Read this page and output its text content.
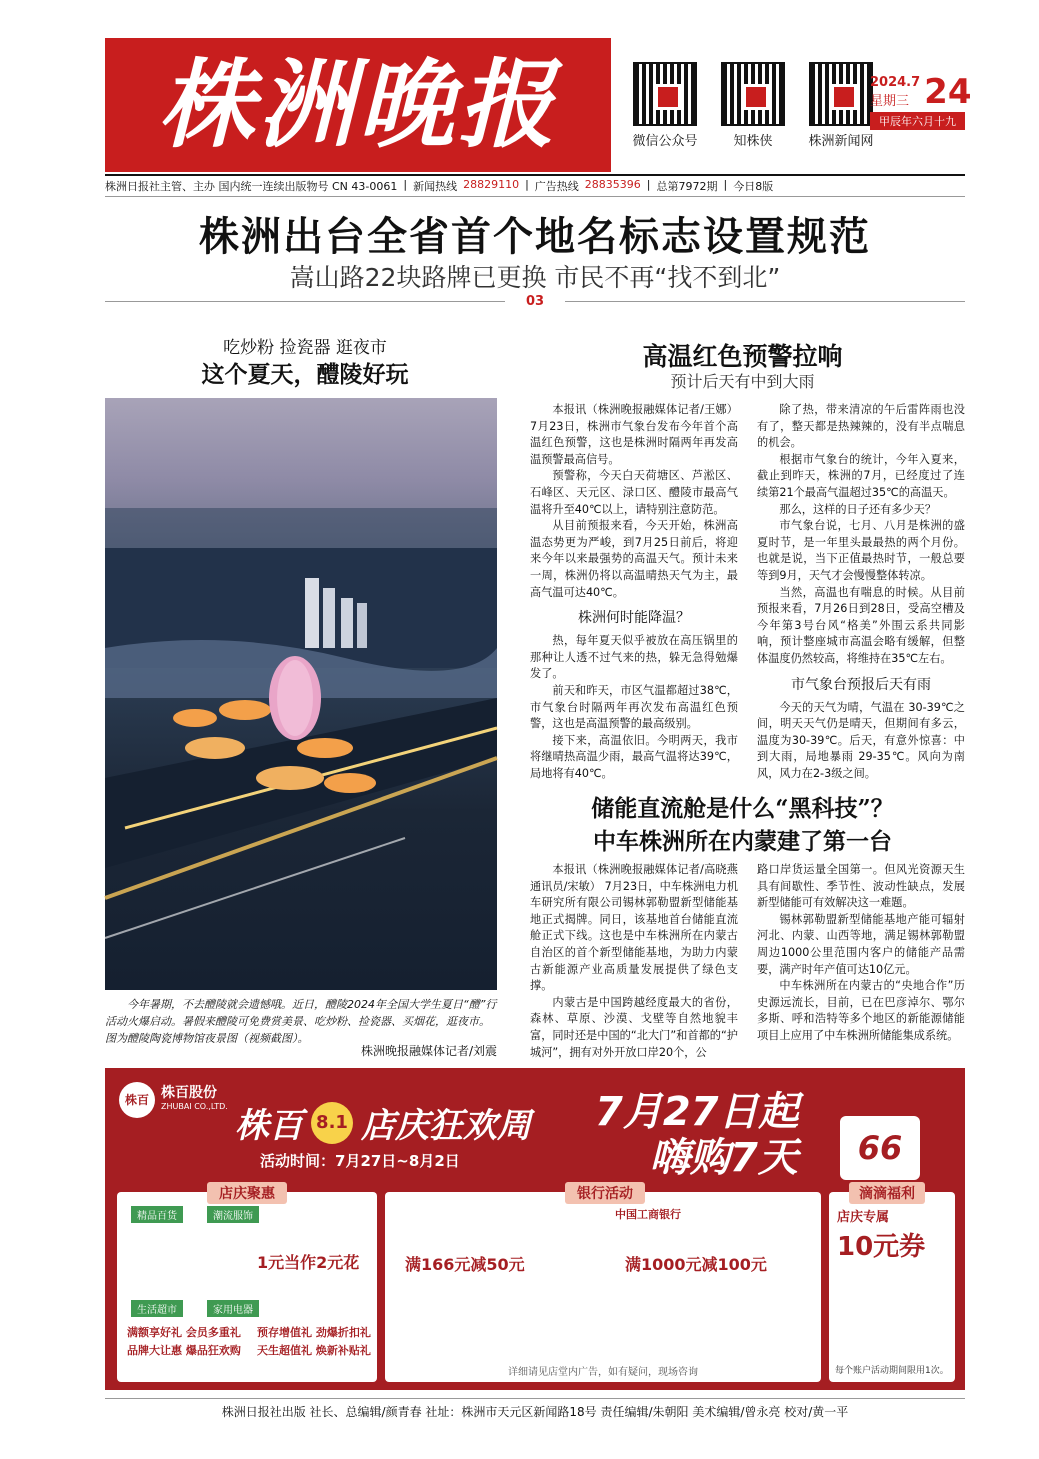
株洲晚报	微信公众号	知株侠	株洲新闻网
2024.7
星期三 24
甲辰年六月十九
株洲日报社主管、主办 国内统一连续出版物号 CN 43-0061 | 新闻热线 28829110 | 广告热线 28835396 | 总第7972期 | 今日8版
株洲出台全省首个地名标志设置规范
嵩山路22块路牌已更换 市民不再“找不到北”
03
吃炒粉 捡瓷器 逛夜市
这个夏天，醴陵好玩
今年暑期，不去醴陵就会遗憾哦。近日，醴陵2024年全国大学生夏日“醴”行活动火爆启动。暑假来醴陵可免费赏美景、吃炒粉、捡瓷器、买烟花，逛夜市。图为醴陵陶瓷博物馆夜景图（视频截图）。
株洲晚报融媒体记者/刘震
高温红色预警拉响
预计后天有中到大雨

本报讯（株洲晚报融媒体记者/王娜） 7月23日，株洲市气象台发布今年首个高温红色预警，这也是株洲时隔两年再发高温预警最高信号。

预警称，今天白天荷塘区、芦淞区、石峰区、天元区、渌口区、醴陵市最高气温将升至40℃以上，请特别注意防范。

从目前预报来看，今天开始，株洲高温态势更为严峻，到7月25日前后，将迎来今年以来最强势的高温天气。预计未来一周，株洲仍将以高温晴热天气为主，最高气温可达40℃。

株洲何时能降温？

热，每年夏天似乎被放在高压锅里的那种让人透不过气来的热，躲无急得勉爆发了。

前天和昨天，市区气温都超过38℃，市气象台时隔两年再次发布高温红色预警，这也是高温预警的最高级别。

接下来，高温依旧。今明两天，我市将继晴热高温少雨，最高气温将达39℃，局地将有40℃。

除了热，带来清凉的午后雷阵雨也没有了，整天都是热辣辣的，没有半点喘息的机会。

根据市气象台的统计，今年入夏来，截止到昨天，株洲的7月，已经度过了连续第21个最高气温超过35℃的高温天。

那么，这样的日子还有多少天？

市气象台说，七月、八月是株洲的盛夏时节，是一年里头最最热的两个月份。也就是说，当下正值最热时节，一般总要等到9月，天气才会慢慢整体转凉。

当然，高温也有喘息的时候。从目前预报来看，7月26日到28日，受高空槽及今年第3号台风“格美”外围云系共同影响，预计整座城市高温会略有缓解，但整体温度仍然较高，将维持在35℃左右。

市气象台预报后天有雨

今天的天气为晴，气温在 30-39℃之间，明天天气仍是晴天，但期间有多云，温度为30-39℃。后天，有意外惊喜：中到大雨，局地暴雨 29-35℃。风向为南风，风力在2-3级之间。

储能直流舱是什么“黑科技”？
中车株洲所在内蒙建了第一台

本报讯（株洲晚报融媒体记者/高晓燕 通讯员/宋敏） 7月23日，中车株洲电力机车研究所有限公司锡林郭勒盟新型储能基地正式揭牌。同日，该基地首台储能直流舱正式下线。这也是中车株洲所在内蒙古自治区的首个新型储能基地，为助力内蒙古新能源产业高质量发展提供了绿色支撑。

内蒙古是中国跨越经度最大的省份，森林、草原、沙漠、戈壁等自然地貌丰富，同时还是中国的“北大门”和首都的“护城河”，拥有对外开放口岸20个，公

路口岸货运量全国第一。但风光资源天生具有间歇性、季节性、波动性缺点，发展新型储能可有效解决这一难题。

锡林郭勒盟新型储能基地产能可辐射河北、内蒙、山西等地，满足锡林郭勒盟周边1000公里范围内客户的储能产品需要，满产时年产值可达10亿元。

中车株洲所在内蒙古的“央地合作”历史源远流长，目前，已在巴彦淖尔、鄂尔多斯、呼和浩特等多个地区的新能源储能项目上应用了中车株洲所储能集成系统。

株百 株百股份
ZHUBAI CO.,LTD. 株百 8.1 店庆狂欢周
活动时间：7月27日~8月2日
7月27日起
嗨购7天	66
店庆聚惠
精品百货	潮流服饰
1元当作2元花
生活超市	家用电器
满额享好礼 会员多重礼
品牌大让惠 爆品狂欢购
预存增值礼 劲爆折扣礼
天生超值礼 焕新补贴礼
银行活动
中国工商银行
满166元减50元	满1000元减100元
详细请见店堂内广告，如有疑问，现场咨询
滴滴福利
店庆专属
10元券
每个账户活动期间限用1次。
株洲日报社出版 社长、总编辑/颜青春 社址：株洲市天元区新闻路18号 责任编辑/朱朝阳 美术编辑/曾永亮 校对/黄一平
